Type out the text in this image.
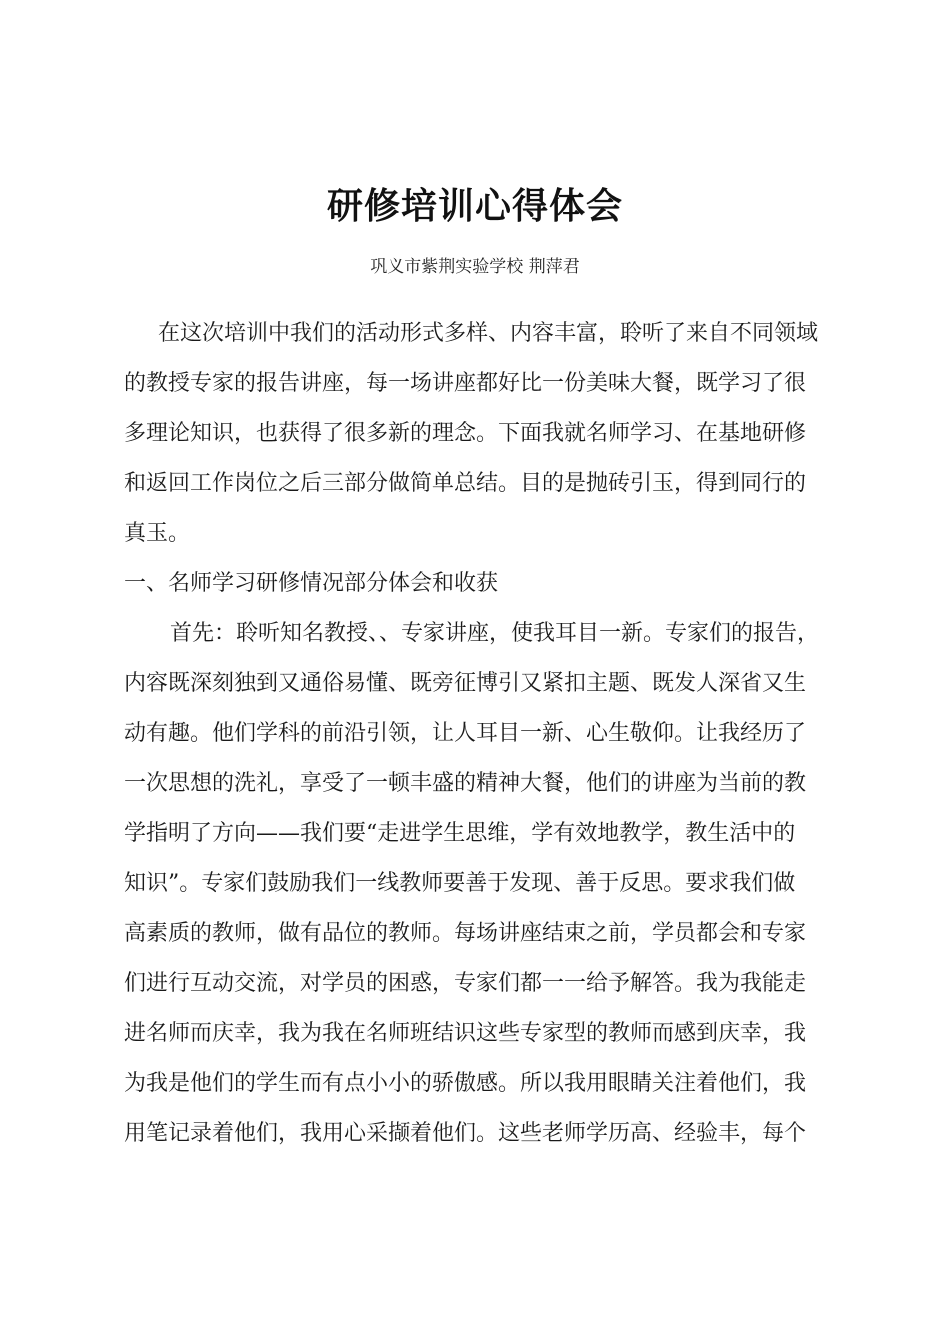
研修培训心得体会
巩义市紫荆实验学校 荆萍君
在这次培训中我们的活动形式多样、内容丰富，聆听了来自不同领域
的教授专家的报告讲座，每一场讲座都好比一份美味大餐，既学习了很
多理论知识，也获得了很多新的理念。下面我就名师学习、在基地研修
和返回工作岗位之后三部分做简单总结。目的是抛砖引玉，得到同行的
真玉。
一、名师学习研修情况部分体会和收获
首先：聆听知名教授、、专家讲座，使我耳目一新。专家们的报告，
内容既深刻独到又通俗易懂、既旁征博引又紧扣主题、既发人深省又生
动有趣。他们学科的前沿引领，让人耳目一新、心生敬仰。让我经历了
一次思想的洗礼，享受了一顿丰盛的精神大餐，他们的讲座为当前的教
学指明了方向——我们要“走进学生思维，学有效地教学，教生活中的
知识”。专家们鼓励我们一线教师要善于发现、善于反思。要求我们做
高素质的教师，做有品位的教师。每场讲座结束之前，学员都会和专家
们进行互动交流，对学员的困惑，专家们都一一给予解答。我为我能走
进名师而庆幸，我为我在名师班结识这些专家型的教师而感到庆幸，我
为我是他们的学生而有点小小的骄傲感。所以我用眼睛关注着他们，我
用笔记录着他们，我用心采撷着他们。这些老师学历高、经验丰，每个
